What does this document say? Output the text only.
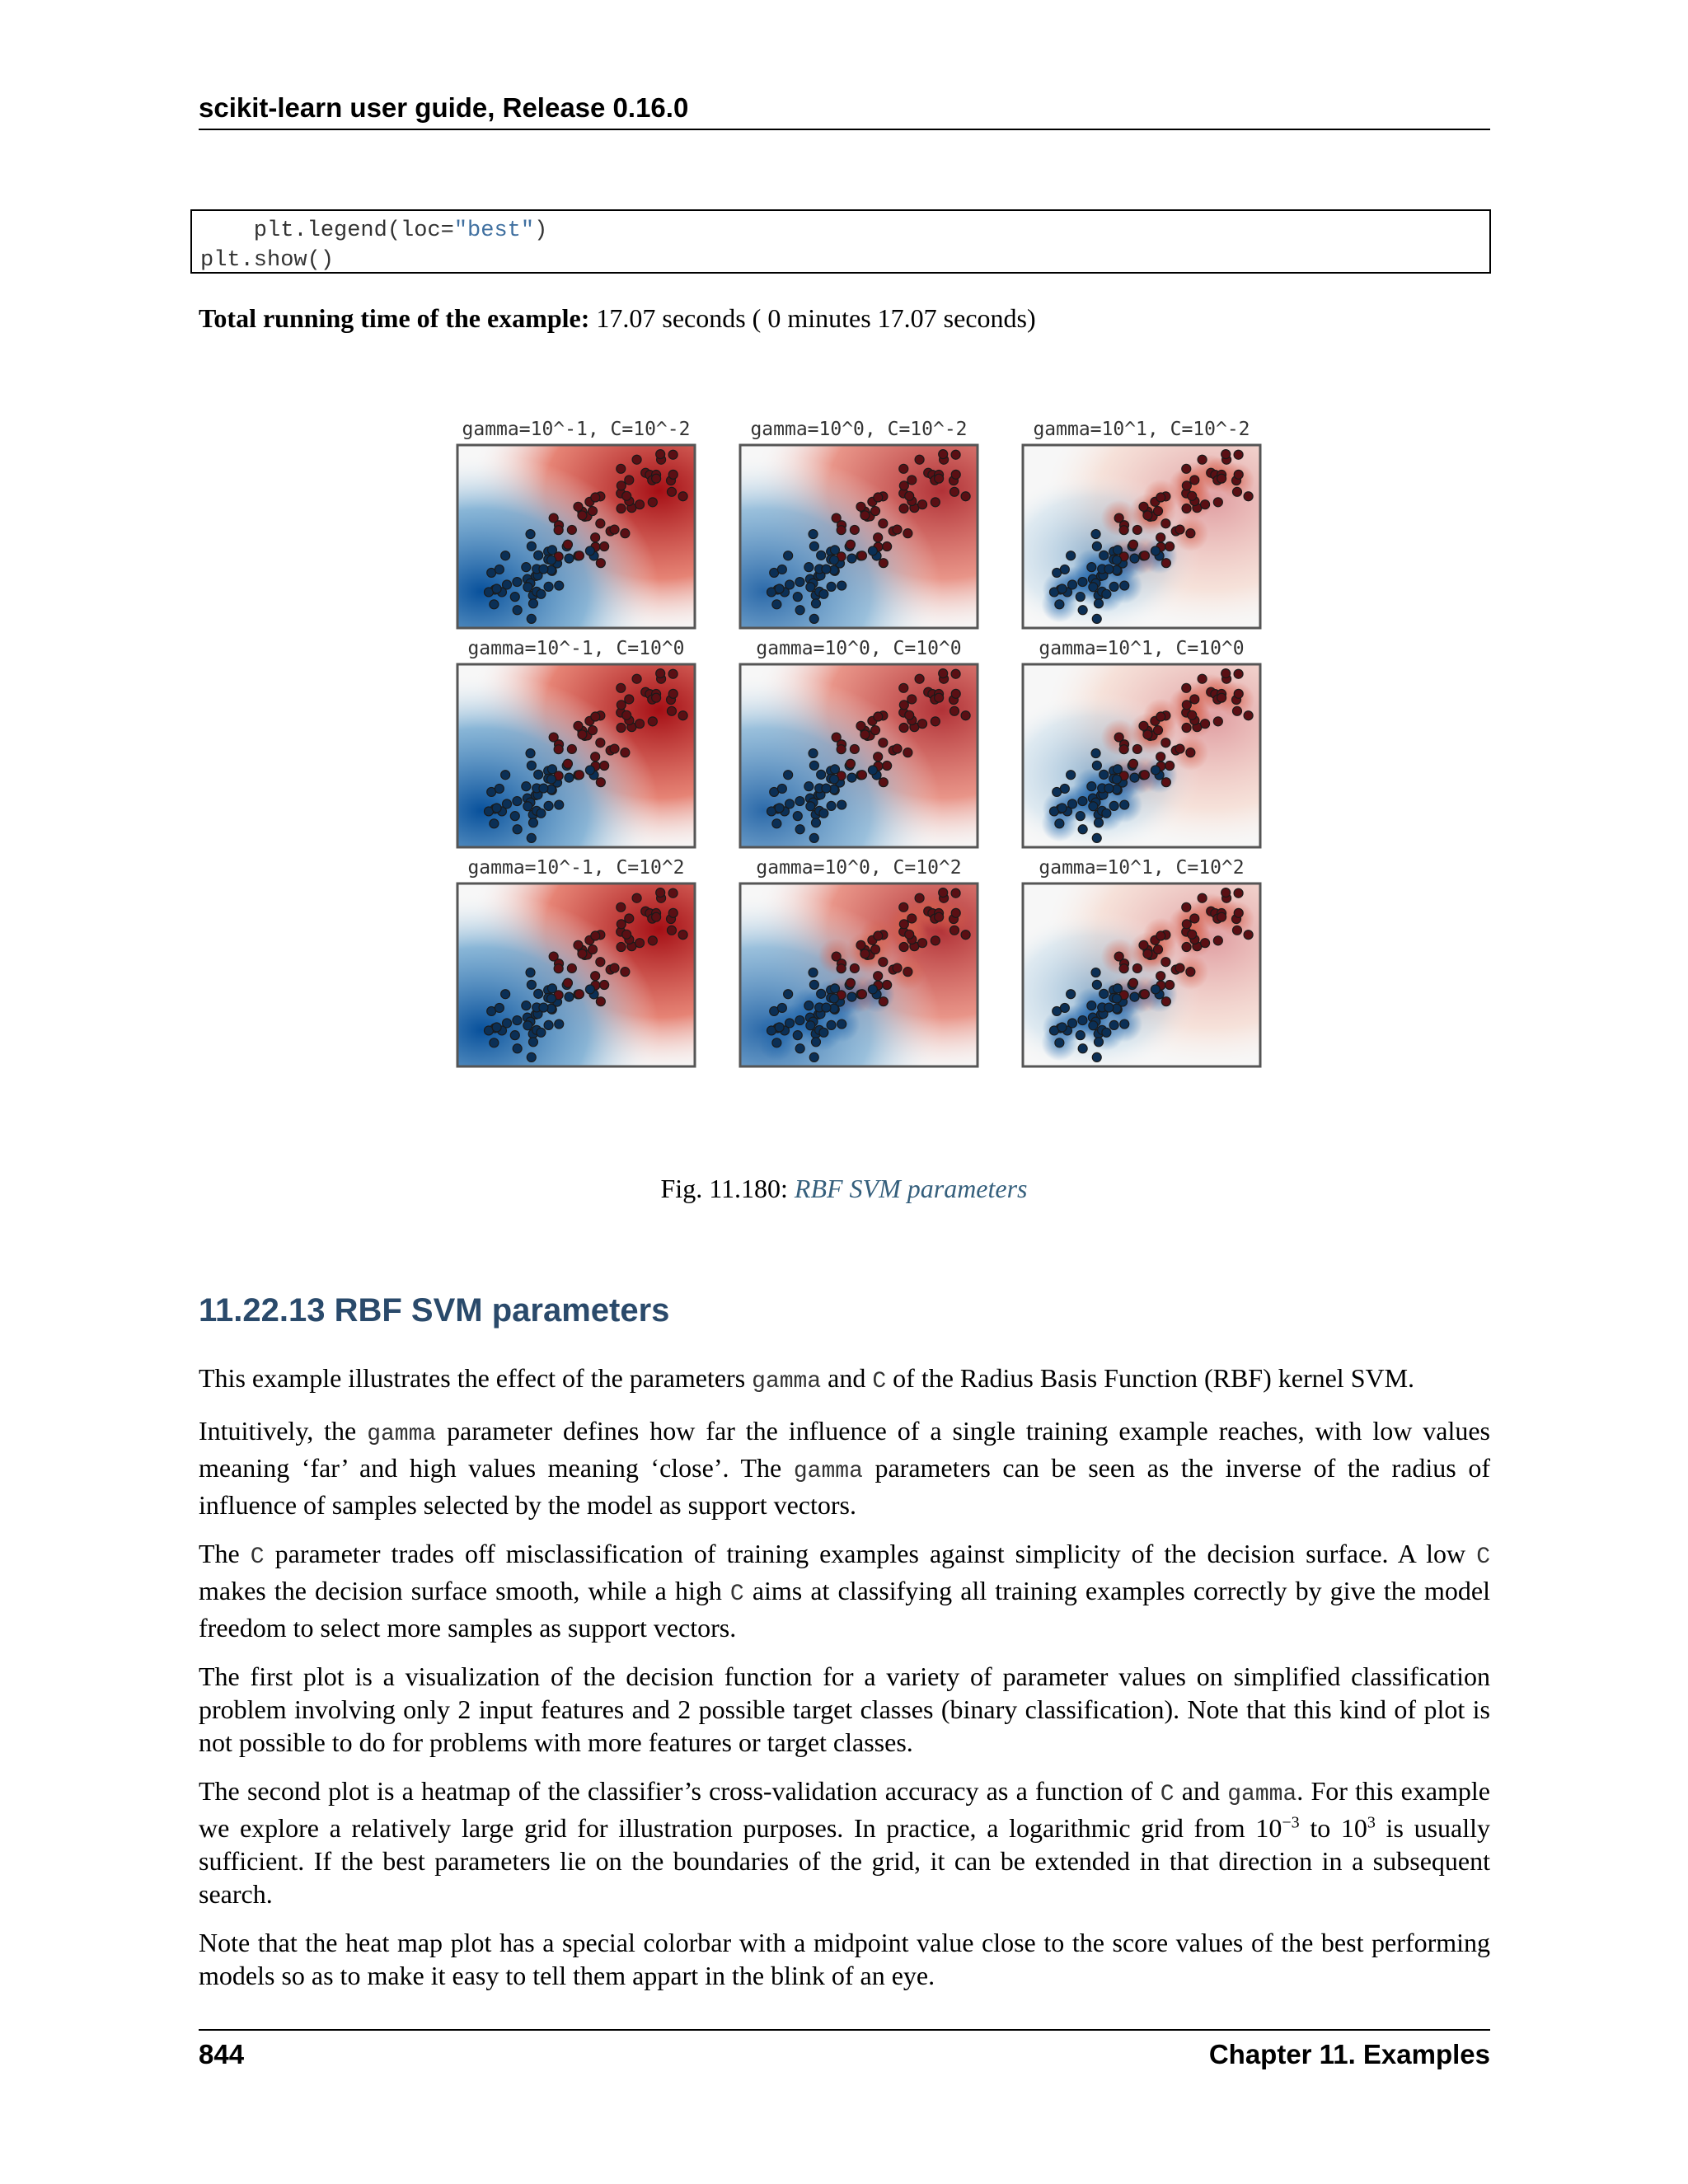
scikit-learn user guide, Release 0.16.0
plt.legend(loc="best")
plt.show()
Total running time of the example: 17.07 seconds ( 0 minutes 17.07 seconds)
gamma=10^-1, C=10^-2	gamma=10^0, C=10^-2	gamma=10^1, C=10^-2
gamma=10^-1, C=10^0	gamma=10^0, C=10^0	gamma=10^1, C=10^0
gamma=10^-1, C=10^2	gamma=10^0, C=10^2	gamma=10^1, C=10^2
Fig. 11.180: RBF SVM parameters
11.22.13 RBF SVM parameters

This example illustrates the effect of the parameters gamma and C of the Radius Basis Function (RBF) kernel SVM.

Intuitively, the gamma parameter defines how far the influence of a single training example reaches, with low values meaning ‘far’ and high values meaning ‘close’. The gamma parameters can be seen as the inverse of the radius of influence of samples selected by the model as support vectors.

The C parameter trades off misclassification of training examples against simplicity of the decision surface. A low C makes the decision surface smooth, while a high C aims at classifying all training examples correctly by give the model freedom to select more samples as support vectors.

The first plot is a visualization of the decision function for a variety of parameter values on simplified classification problem involving only 2 input features and 2 possible target classes (binary classification). Note that this kind of plot is not possible to do for problems with more features or target classes.

The second plot is a heatmap of the classifier’s cross-validation accuracy as a function of C and gamma. For this example we explore a relatively large grid for illustration purposes. In practice, a logarithmic grid from $10^{-3}$ to $10^3$ is usually sufficient. If the best parameters lie on the boundaries of the grid, it can be extended in that direction in a subsequent search.

Note that the heat map plot has a special colorbar with a midpoint value close to the score values of the best performing models so as to make it easy to tell them appart in the blink of an eye.

844	Chapter 11. Examples
